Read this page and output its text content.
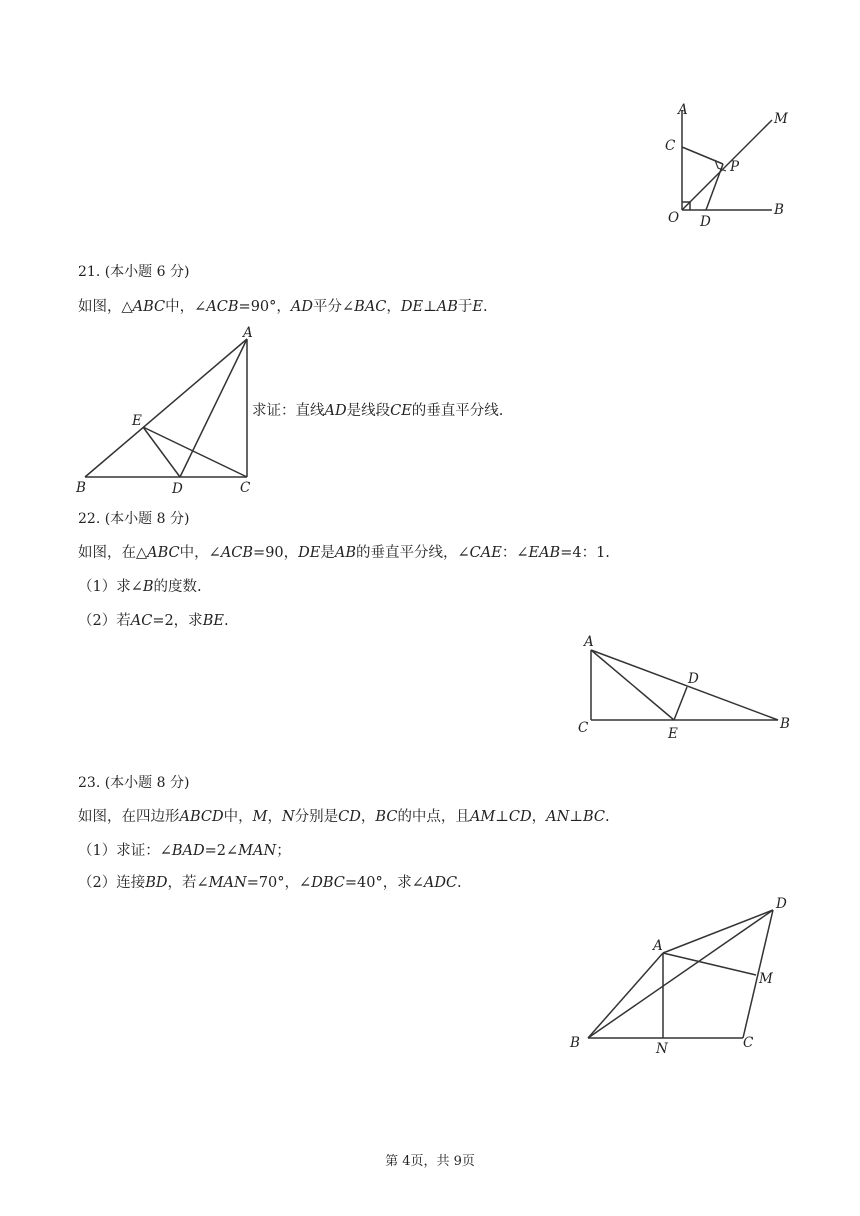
A
C
P
M
O D
B
21. (本小题 6 分)
如图，△ABC中，∠ACB=90°，AD平分∠BAC，DE⊥AB于E.
A
E
B	D	C
求证：直线AD是线段CE的垂直平分线.
22. (本小题 8 分)
如图，在△ABC中，∠ACB=90，DE是AB的垂直平分线，∠CAE：∠EAB=4：1.
（1）求∠B的度数.
（2）若AC=2，求BE.
A
D
C	E
B
23. (本小题 8 分)
如图，在四边形ABCD中，M，N分别是CD，BC的中点，且AM⊥CD，AN⊥BC.
（1）求证：∠BAD=2∠MAN；
（2）连接BD，若∠MAN=70°，∠DBC=40°，求∠ADC.
A
D
M
B	N	C
第 4页，共 9页
